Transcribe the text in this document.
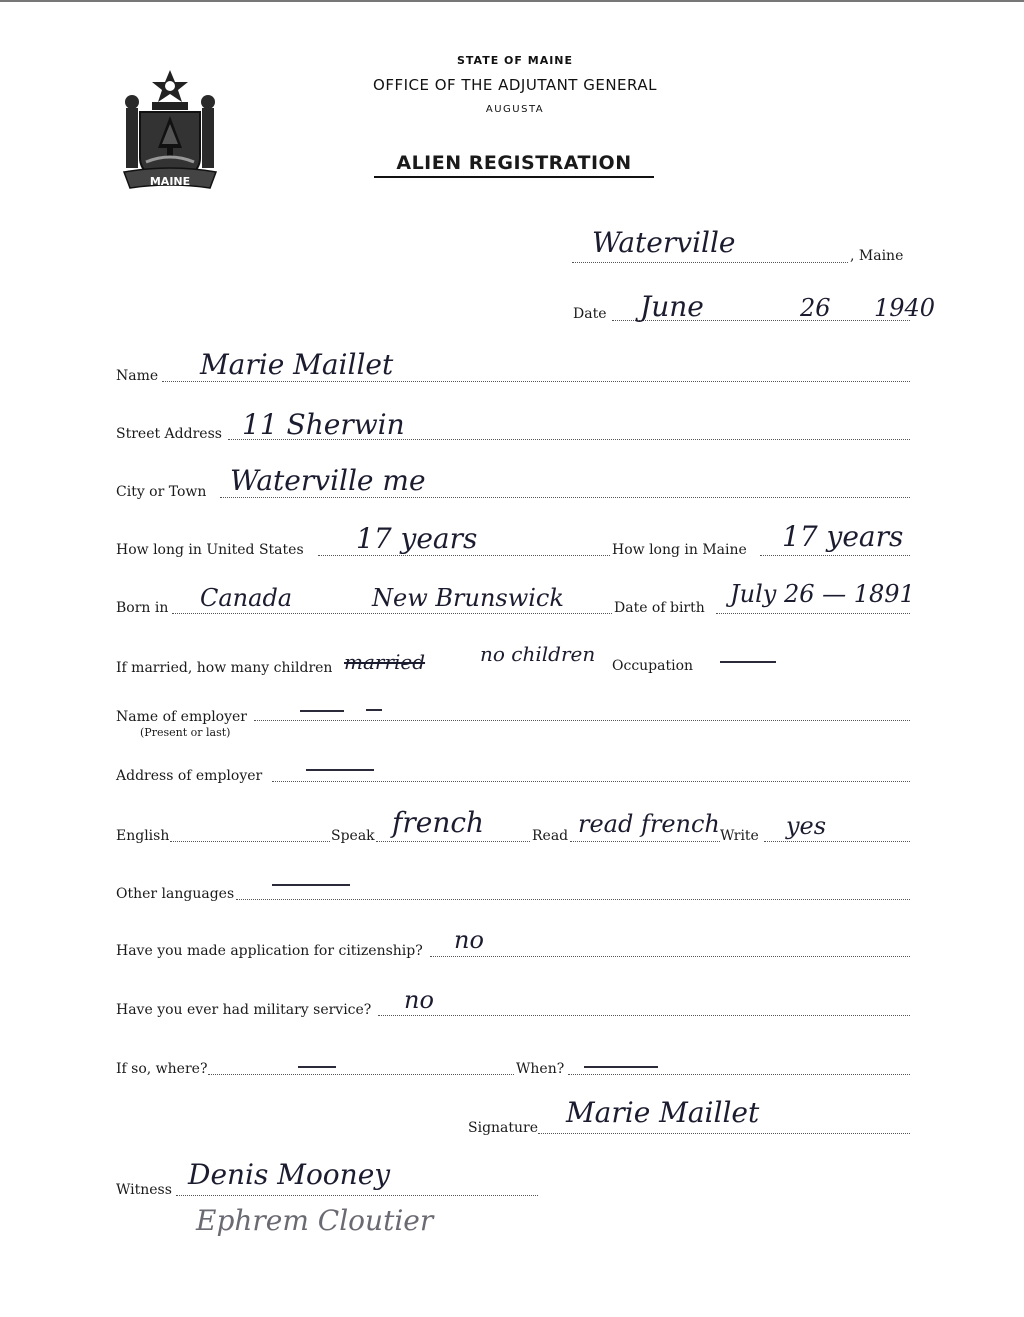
MAINE
STATE OF MAINE
OFFICE OF THE ADJUTANT GENERAL
AUGUSTA
ALIEN REGISTRATION
Waterville	, Maine
Date June	26 1940
Name Marie Maillet
Street Address 11 Sherwin
City or Town Waterville me
How long in United States 17 years	How long in Maine 17 years
Born in Canada	New Brunswick	Date of birth July 26 — 1891
If married, how many children married	no children Occupation
Name of employer
(Present or last)
Address of employer
English	Speak french	Read read french Write yes
Other languages
Have you made application for citizenship? no
Have you ever had military service? no
If so, where?	When?
Signature Marie Maillet
Witness Denis Mooney
Ephrem Cloutier
